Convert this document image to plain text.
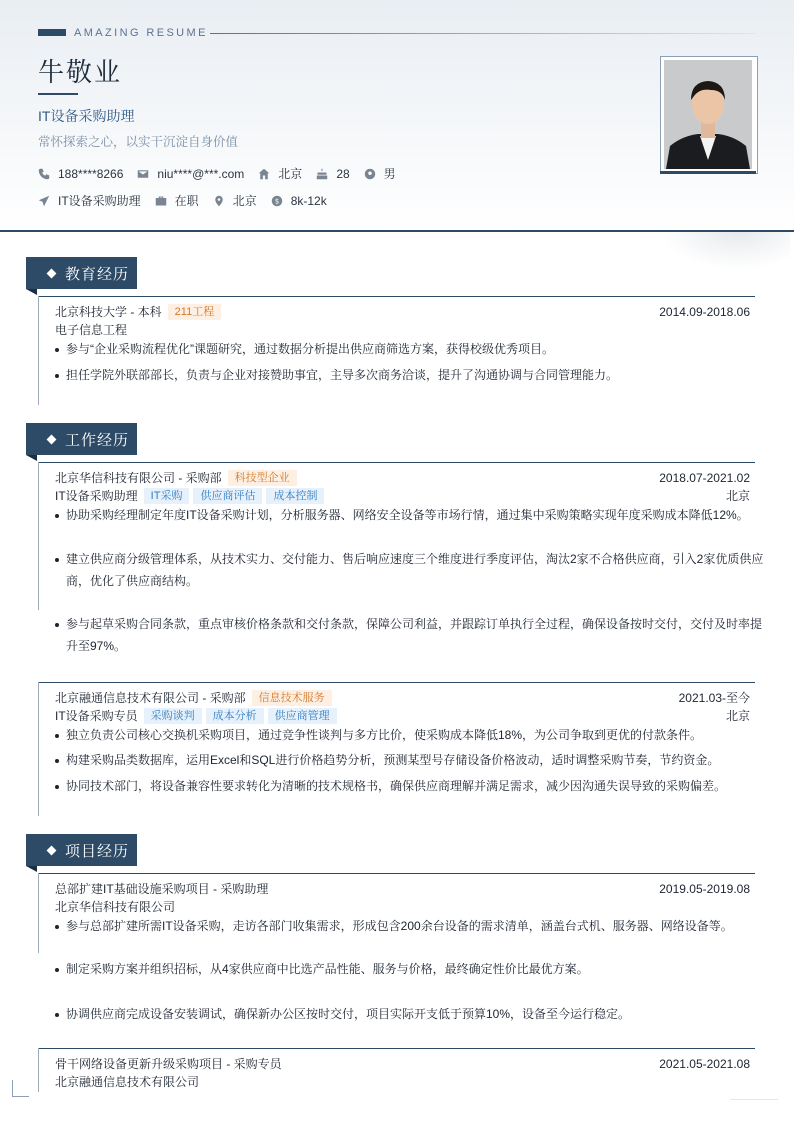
AMAZING RESUME
牛敬业
IT设备采购助理
常怀探索之心，以实干沉淀自身价值
188****8266	niu****@***.com	北京	28	男
IT设备采购助理	在职	北京 $ 8k-12k
教育经历
北京科技大学 - 本科	211工程	2014.09-2018.06
电子信息工程
参与“企业采购流程优化”课题研究，通过数据分析提出供应商筛选方案，获得校级优秀项目。
担任学院外联部部长，负责与企业对接赞助事宜，主导多次商务洽谈，提升了沟通协调与合同管理能力。
工作经历
北京华信科技有限公司 - 采购部	科技型企业	2018.07-2021.02
IT设备采购助理	IT采购	供应商评估	成本控制	北京
协助采购经理制定年度IT设备采购计划，分析服务器、网络安全设备等市场行情，通过集中采购策略实现年度采购成本降低12%。
建立供应商分级管理体系，从技术实力、交付能力、售后响应速度三个维度进行季度评估，淘汰2家不合格供应商，引入2家优质供应商，优化了供应商结构。
参与起草采购合同条款，重点审核价格条款和交付条款，保障公司利益，并跟踪订单执行全过程，确保设备按时交付，交付及时率提升至97%。
北京融通信息技术有限公司 - 采购部	信息技术服务	2021.03-至今
IT设备采购专员	采购谈判	成本分析	供应商管理	北京
独立负责公司核心交换机采购项目，通过竞争性谈判与多方比价，使采购成本降低18%，为公司争取到更优的付款条件。
构建采购品类数据库，运用Excel和SQL进行价格趋势分析，预测某型号存储设备价格波动，适时调整采购节奏，节约资金。
协同技术部门，将设备兼容性要求转化为清晰的技术规格书，确保供应商理解并满足需求，减少因沟通失误导致的采购偏差。
项目经历
总部扩建IT基础设施采购项目 - 采购助理	2019.05-2019.08
北京华信科技有限公司
参与总部扩建所需IT设备采购，走访各部门收集需求，形成包含200余台设备的需求清单，涵盖台式机、服务器、网络设备等。
制定采购方案并组织招标，从4家供应商中比选产品性能、服务与价格，最终确定性价比最优方案。
协调供应商完成设备安装调试，确保新办公区按时交付，项目实际开支低于预算10%，设备至今运行稳定。
骨干网络设备更新升级采购项目 - 采购专员	2021.05-2021.08
北京融通信息技术有限公司
